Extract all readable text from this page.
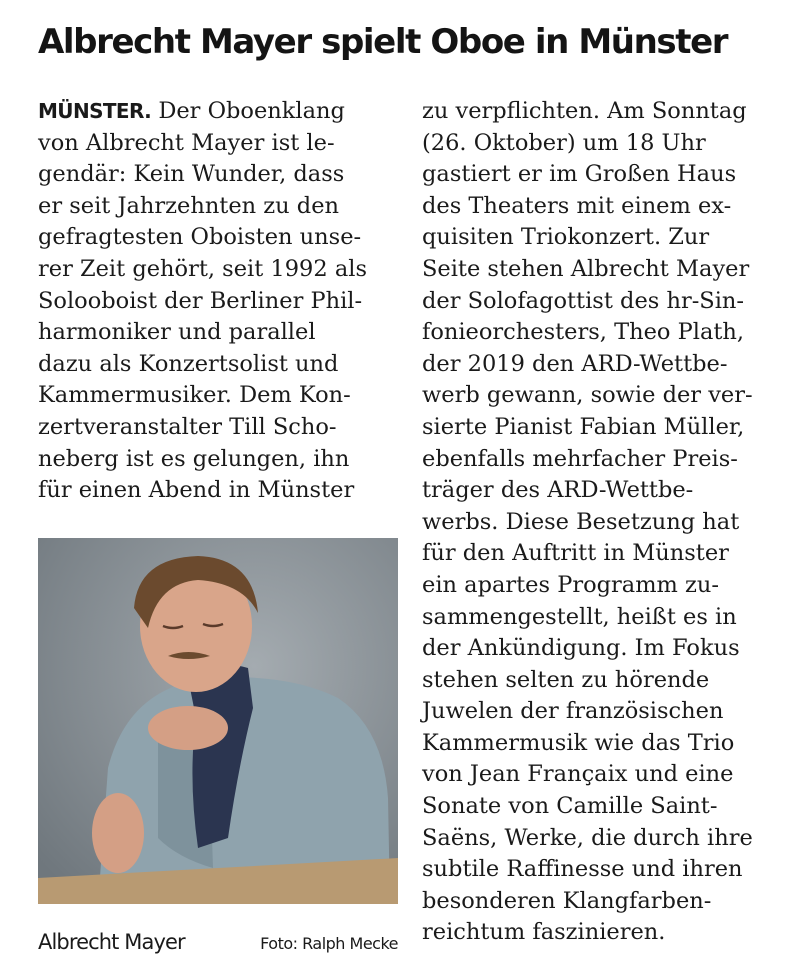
Albrecht Mayer spielt Oboe in Münster
MÜNSTER. Der Oboenklang
von Albrecht Mayer ist le-
gendär: Kein Wunder, dass
er seit Jahrzehnten zu den
gefragtesten Oboisten unse-
rer Zeit gehört, seit 1992 als
Solooboist der Berliner Phil-
harmoniker und parallel
dazu als Konzertsolist und
Kammermusiker. Dem Kon-
zertveranstalter Till Scho-
neberg ist es gelungen, ihn
für einen Abend in Münster
Albrecht Mayer	Foto: Ralph Mecke
zu verpflichten. Am Sonntag
(26. Oktober) um 18 Uhr
gastiert er im Großen Haus
des Theaters mit einem ex-
quisiten Triokonzert. Zur
Seite stehen Albrecht Mayer
der Solofagottist des hr-Sin-
fonieorchesters, Theo Plath,
der 2019 den ARD-Wettbe-
werb gewann, sowie der ver-
sierte Pianist Fabian Müller,
ebenfalls mehrfacher Preis-
träger des ARD-Wettbe-
werbs. Diese Besetzung hat
für den Auftritt in Münster
ein apartes Programm zu-
sammengestellt, heißt es in
der Ankündigung. Im Fokus
stehen selten zu hörende
Juwelen der französischen
Kammermusik wie das Trio
von Jean Françaix und eine
Sonate von Camille Saint-
Saëns, Werke, die durch ihre
subtile Raffinesse und ihren
besonderen Klangfarben-
reichtum faszinieren.
